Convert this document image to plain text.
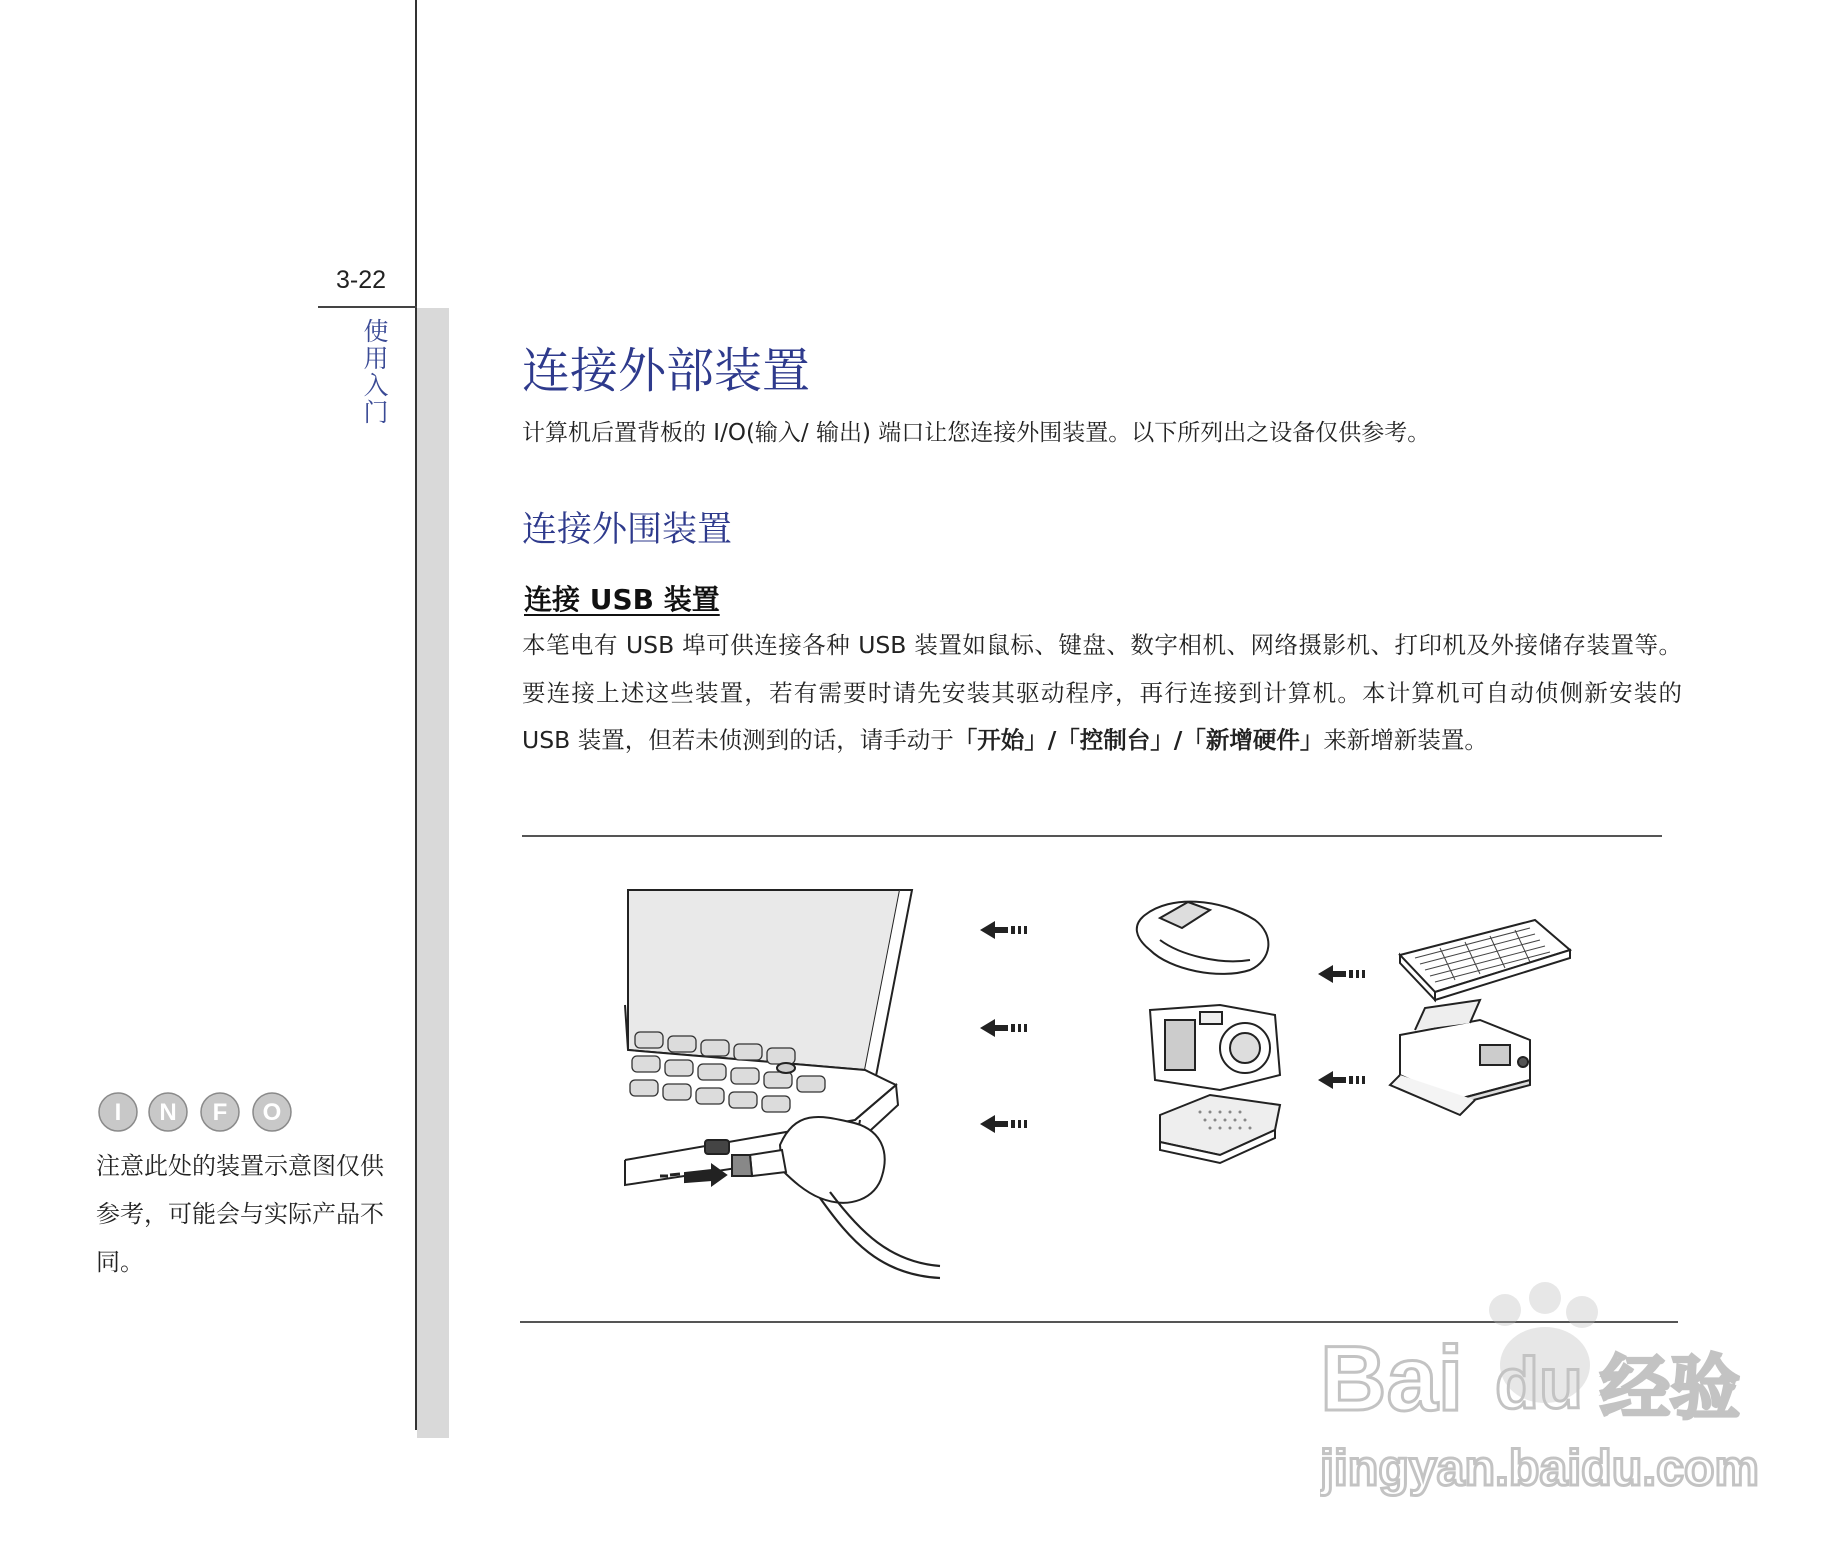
3-22
使用入门	连接外部装置
计算机后置背板的 I/O(输入/ 输出) 端口让您连接外围装置。以下所列出之设备仅供参考。
连接外围装置
连接 USB 装置
本笔电有 USB 埠可供连接各种 USB 装置如鼠标、键盘、数字相机、网络摄影机、打印机及外接储存装置等。要连接上述这些装置，若有需要时请先安装其驱动程序，再行连接到计算机。本计算机可自动侦侧新安装的 USB 装置，但若未侦测到的话，请手动于「开始」/「控制台」/「新增硬件」来新增新装置。
I N F O
注意此处的装置示意图仅供参考，可能会与实际产品不同。
Bai du 经验
jingyan.baidu.com
